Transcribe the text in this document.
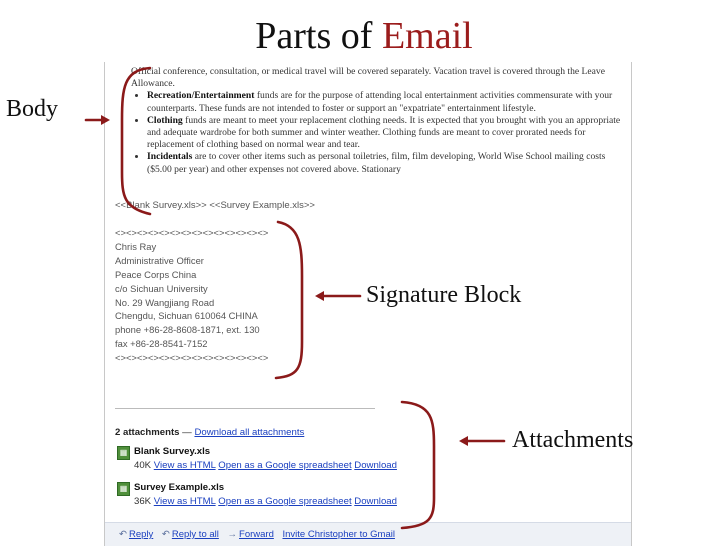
Parts of Email

Official conference, consultation, or medical travel will be covered separately. Vacation travel is covered through the Leave Allowance.

• Recreation/Entertainment funds are for the purpose of attending local entertainment activities commensurate with your counterparts. These funds are not intended to foster or support an "expatriate" entertainment lifestyle.
• Clothing funds are meant to meet your replacement clothing needs. It is expected that you brought with you an appropriate and adequate wardrobe for both summer and winter weather. Clothing funds are meant to cover prorated needs for replacement of clothing based on normal wear and tear.
• Incidentals are to cover other items such as personal toiletries, film, film developing, World Wise School mailing costs ($5.00 per year) and other expenses not covered above. Stationary
<<Blank Survey.xls>> <<Survey Example.xls>>
<><><><><><><><><><><><><><>
Chris Ray
Administrative Officer
Peace Corps China
c/o Sichuan University
No. 29 Wangjiang Road
Chengdu, Sichuan 610064 CHINA
phone +86-28-8608-1871, ext. 130
fax +86-28-8541-7152
<><><><><><><><><><><><><><>
2 attachments — Download all attachments
▦ Blank Survey.xls
40K View as HTML Open as a Google spreadsheet Download
▦ Survey Example.xls
36K View as HTML Open as a Google spreadsheet Download
↶ Reply ↶ Reply to all → Forward Invite Christopher to Gmail
Body
Signature Block
Attachments
